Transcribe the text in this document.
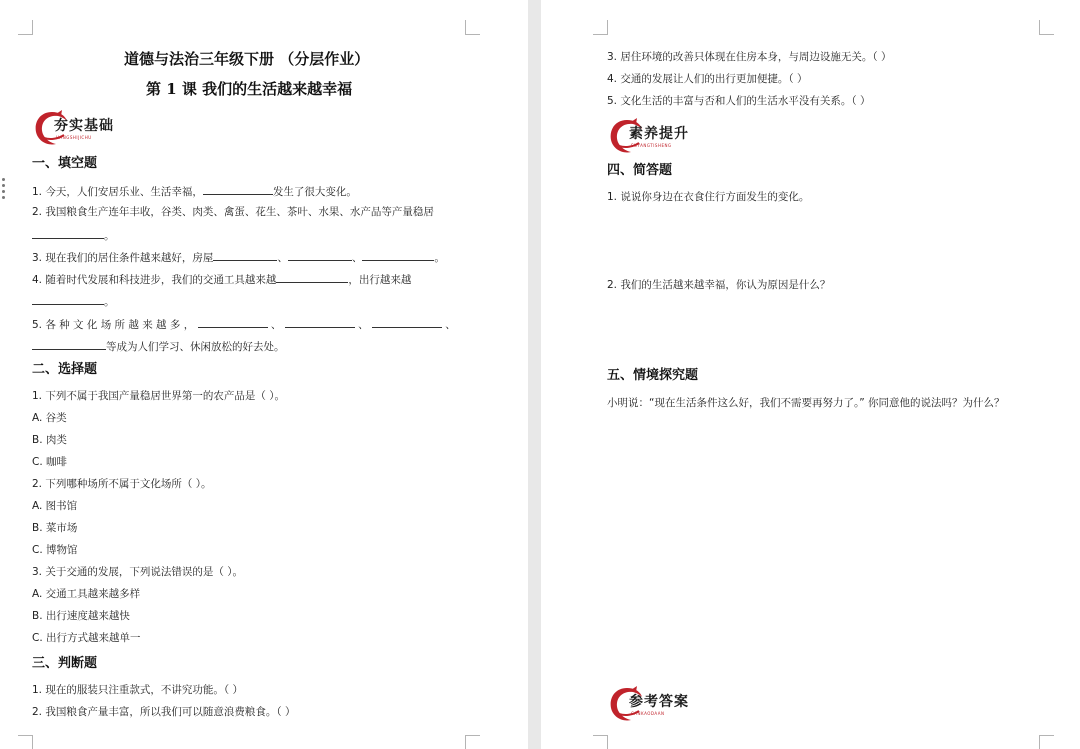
道德与法治三年级下册 （分层作业）
第 1 课 我们的生活越来越幸福
夯实基础
HANGSHIJICHU
一、填空题
1. 今天，人们安居乐业、生活幸福，	发生了很大变化。
2. 我国粮食生产连年丰收，谷类、肉类、禽蛋、花生、茶叶、水果、水产品等产量稳居
。
3. 现在我们的居住条件越来越好，房屋	、	、	。
4. 随着时代发展和科技进步，我们的交通工具越来越	，出行越来越
。
5. 各 种 文 化 场 所 越 来 越 多 ，	、	、	、
等成为人们学习、休闲放松的好去处。
二、选择题
1. 下列不属于我国产量稳居世界第一的农产品是（ ）。
A. 谷类
B. 肉类
C. 咖啡
2. 下列哪种场所不属于文化场所（ ）。
A. 图书馆
B. 菜市场
C. 博物馆
3. 关于交通的发展，下列说法错误的是（ ）。
A. 交通工具越来越多样
B. 出行速度越来越快
C. 出行方式越来越单一
三、判断题
1. 现在的服装只注重款式，不讲究功能。（ ）
2. 我国粮食产量丰富，所以我们可以随意浪费粮食。（ ）
3. 居住环境的改善只体现在住房本身，与周边设施无关。（ ）
4. 交通的发展让人们的出行更加便捷。（ ）
5. 文化生活的丰富与否和人们的生活水平没有关系。（ ）
素养提升
SUYANGTISHENG
四、简答题
1. 说说你身边在衣食住行方面发生的变化。
2. 我们的生活越来越幸福，你认为原因是什么？
五、情境探究题
小明说：“现在生活条件这么好，我们不需要再努力了。” 你同意他的说法吗？为什么？
参考答案
CANKAODAAN
